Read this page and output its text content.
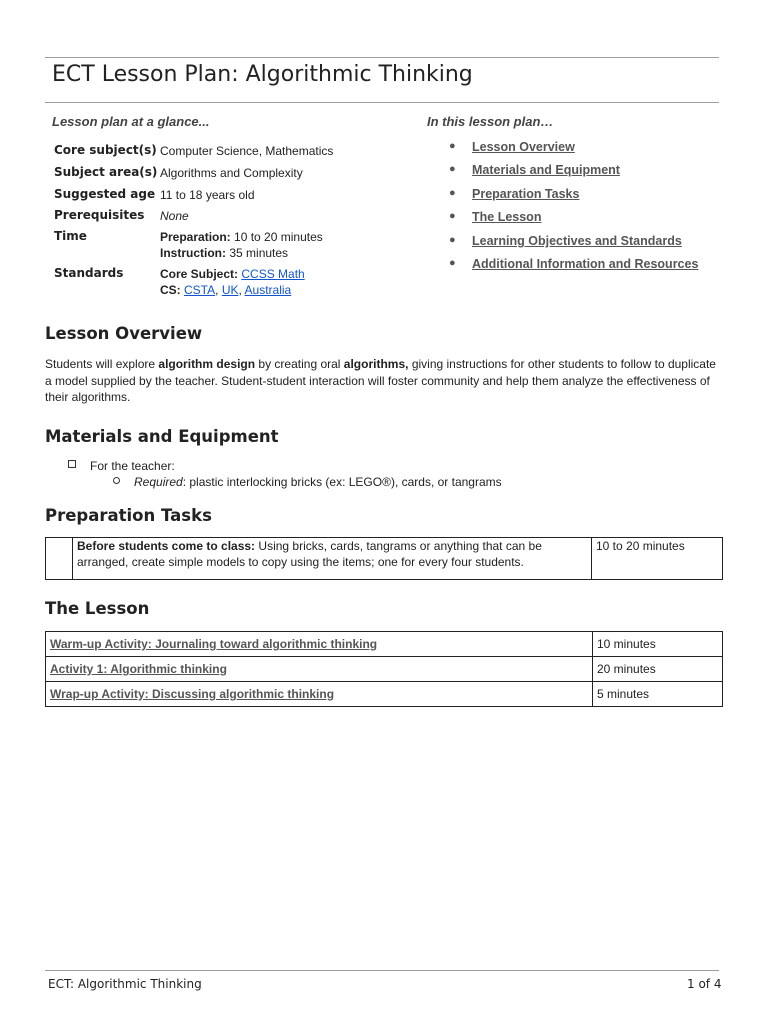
ECT Lesson Plan: Algorithmic Thinking
Lesson plan at a glance...	In this lesson plan…
Core subject(s) Computer Science, Mathematics
Subject area(s) Algorithms and Complexity
Suggested age 11 to 18 years old
Prerequisites	None
Time	Preparation: 10 to 20 minutes
Instruction: 35 minutes
Standards	Core Subject: CCSS Math
CS: CSTA, UK, Australia
● Lesson Overview
● Materials and Equipment
● Preparation Tasks
● The Lesson
● Learning Objectives and Standards
● Additional Information and Resources
Lesson Overview
Students will explore algorithm design by creating oral algorithms, giving instructions for other students to follow to duplicate a model supplied by the teacher. Student-student interaction will foster community and help them analyze the effectiveness of their algorithms.
Materials and Equipment
For the teacher:
Required: plastic interlocking bricks (ex: LEGO®), cards, or tangrams
Preparation Tasks
	Before students come to class: Using bricks, cards, tangrams or anything that can be arranged, create simple models to copy using the items; one for every four students.	10 to 20 minutes
The Lesson
Warm-up Activity: Journaling toward algorithmic thinking	10 minutes
Activity 1: Algorithmic thinking	20 minutes
Wrap-up Activity: Discussing algorithmic thinking	5 minutes
ECT: Algorithmic Thinking	1 of 4
